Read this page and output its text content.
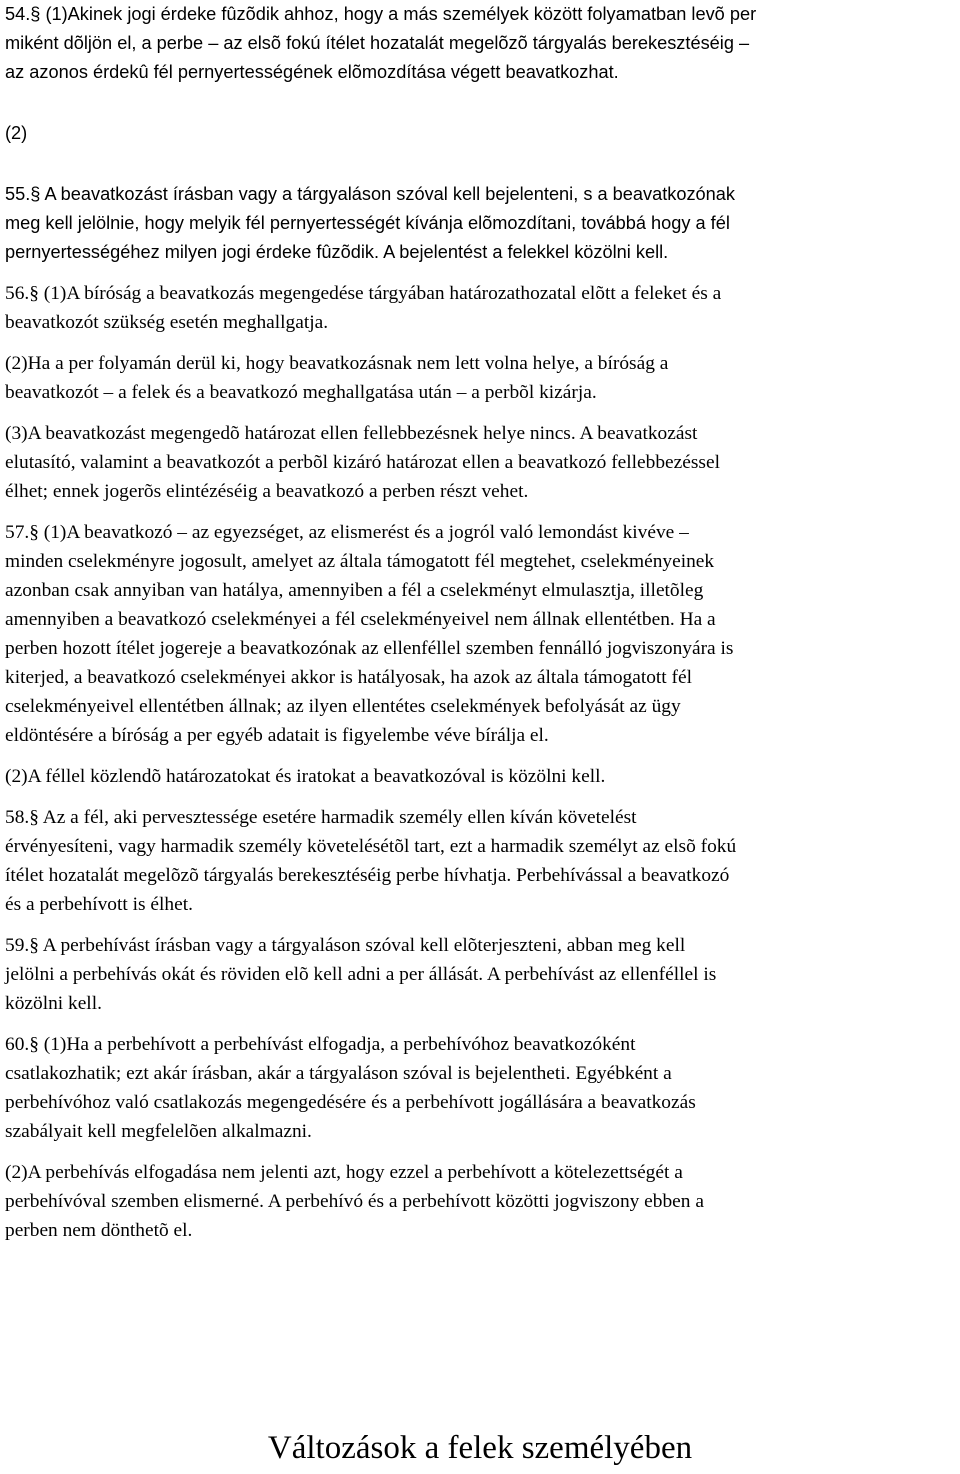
54.§ (1)Akinek jogi érdeke fûzõdik ahhoz, hogy a más személyek között folyamatban levõ per
miként dõljön el, a perbe – az elsõ fokú ítélet hozatalát megelõzõ tárgyalás berekesztéséig –
az azonos érdekû fél pernyertességének elõmozdítása végett beavatkozhat.
(2)
55.§ A beavatkozást írásban vagy a tárgyaláson szóval kell bejelenteni, s a beavatkozónak
meg kell jelölnie, hogy melyik fél pernyertességét kívánja elõmozdítani, továbbá hogy a fél
pernyertességéhez milyen jogi érdeke fûzõdik. A bejelentést a felekkel közölni kell.
56.§ (1)A bíróság a beavatkozás megengedése tárgyában határozathozatal elõtt a feleket és a
beavatkozót szükség esetén meghallgatja.
(2)Ha a per folyamán derül ki, hogy beavatkozásnak nem lett volna helye, a bíróság a
beavatkozót – a felek és a beavatkozó meghallgatása után – a perbõl kizárja.
(3)A beavatkozást megengedõ határozat ellen fellebbezésnek helye nincs. A beavatkozást
elutasító, valamint a beavatkozót a perbõl kizáró határozat ellen a beavatkozó fellebbezéssel
élhet; ennek jogerõs elintézéséig a beavatkozó a perben részt vehet.
57.§ (1)A beavatkozó – az egyezséget, az elismerést és a jogról való lemondást kivéve –
minden cselekményre jogosult, amelyet az általa támogatott fél megtehet, cselekményeinek
azonban csak annyiban van hatálya, amennyiben a fél a cselekményt elmulasztja, illetõleg
amennyiben a beavatkozó cselekményei a fél cselekményeivel nem állnak ellentétben. Ha a
perben hozott ítélet jogereje a beavatkozónak az ellenféllel szemben fennálló jogviszonyára is
kiterjed, a beavatkozó cselekményei akkor is hatályosak, ha azok az általa támogatott fél
cselekményeivel ellentétben állnak; az ilyen ellentétes cselekmények befolyását az ügy
eldöntésére a bíróság a per egyéb adatait is figyelembe véve bírálja el.
(2)A féllel közlendõ határozatokat és iratokat a beavatkozóval is közölni kell.
58.§ Az a fél, aki pervesztessége esetére harmadik személy ellen kíván követelést
érvényesíteni, vagy harmadik személy követelésétõl tart, ezt a harmadik személyt az elsõ fokú
ítélet hozatalát megelõzõ tárgyalás berekesztéséig perbe hívhatja. Perbehívással a beavatkozó
és a perbehívott is élhet.
59.§ A perbehívást írásban vagy a tárgyaláson szóval kell elõterjeszteni, abban meg kell
jelölni a perbehívás okát és röviden elõ kell adni a per állását. A perbehívást az ellenféllel is
közölni kell.
60.§ (1)Ha a perbehívott a perbehívást elfogadja, a perbehívóhoz beavatkozóként
csatlakozhatik; ezt akár írásban, akár a tárgyaláson szóval is bejelentheti. Egyébként a
perbehívóhoz való csatlakozás megengedésére és a perbehívott jogállására a beavatkozás
szabályait kell megfelelõen alkalmazni.
(2)A perbehívás elfogadása nem jelenti azt, hogy ezzel a perbehívott a kötelezettségét a
perbehívóval szemben elismerné. A perbehívó és a perbehívott közötti jogviszony ebben a
perben nem dönthetõ el.
Változások a felek személyében
